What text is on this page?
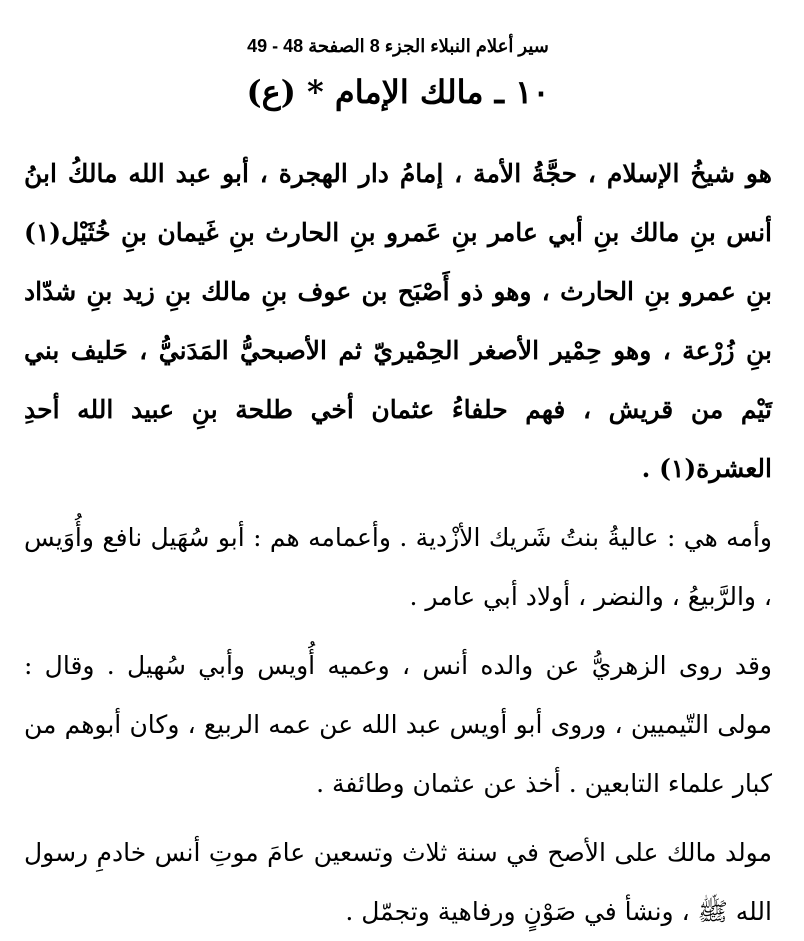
سير أعلام النبلاء الجزء 8 الصفحة 48 - 49
١٠ ـ مالك الإمام * (ع)

هو شيخُ الإسلام ، حجَّةُ الأمة ، إمامُ دار الهجرة ، أبو عبد الله مالكُ ابنُ أنس بنِ مالك بنِ أبي عامر بنِ عَمرو بنِ الحارث بنِ غَيمان بنِ خُثَيْل(١) بنِ عمرو بنِ الحارث ، وهو ذو أَصْبَح بن عوف بنِ مالك بنِ زيد بنِ شدّاد بنِ زُرْعة ، وهو حِمْير الأصغر الحِمْيريّ ثم الأصبحيُّ المَدَنيُّ ، حَليف بني تَيْم من قريش ، فهم حلفاءُ عثمان أخي طلحة بنِ عبيد الله أحدِ العشرة(١) .

وأمه هي : عاليةُ بنتُ شَريك الأزْدية . وأعمامه هم : أبو سُهَيل نافع وأُوَيس ، والرَّبيعُ ، والنضر ، أولاد أبي عامر .

وقد روى الزهريُّ عن والده أنس ، وعميه أُويس وأبي سُهيل . وقال : مولى التّيميين ، وروى أبو أويس عبد الله عن عمه الربيع ، وكان أبوهم من كبار علماء التابعين . أخذ عن عثمان وطائفة .

مولد مالك على الأصح في سنة ثلاث وتسعين عامَ موتِ أنس خادمِ رسول الله ﷺ ، ونشأ في صَوْنٍ ورفاهية وتجمّل .
